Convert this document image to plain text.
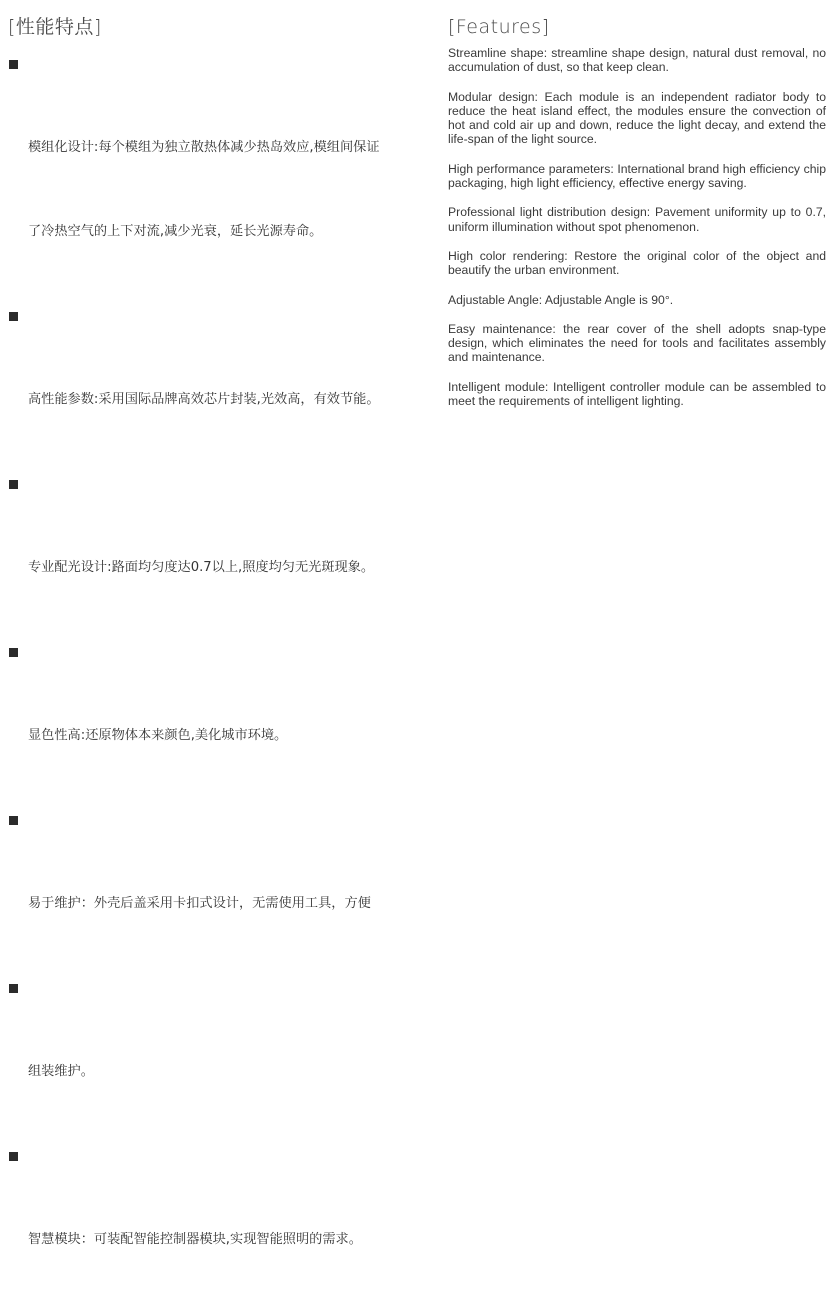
[性能特点]

模组化设计:每个模组为独立散热体减少热岛效应,模组间保证

了冷热空气的上下对流,减少光衰，延长光源寿命。

高性能参数:采用国际品牌高效芯片封装,光效高，有效节能。

专业配光设计:路面均匀度达0.7以上,照度均匀无光斑现象。

显色性高:还原物体本来颜色,美化城市环境。

易于维护：外壳后盖采用卡扣式设计，无需使用工具，方便

组装维护。

智慧模块：可装配智能控制器模块,实现智能照明的需求。

[Features]

Streamline shape: streamline shape design, natural dust removal, no accumulation of dust, so that keep clean.

Modular design: Each module is an independent radiator body to reduce the heat island effect, the modules ensure the convection of hot and cold air up and down, reduce the light decay, and extend the life-span of the light source.

High performance parameters: International brand high efficiency chip packaging, high light efficiency, effective energy saving.

Professional light distribution design: Pavement uniformity up to 0.7, uniform illumination without spot phenomenon.

High color rendering: Restore the original color of the object and beautify the urban environment.

Adjustable Angle: Adjustable Angle is 90°.

Easy maintenance: the rear cover of the shell adopts snap-type design, which eliminates the need for tools and facilitates assembly and maintenance.

Intelligent module: Intelligent controller module can be assembled to meet the requirements of intelligent lighting.
